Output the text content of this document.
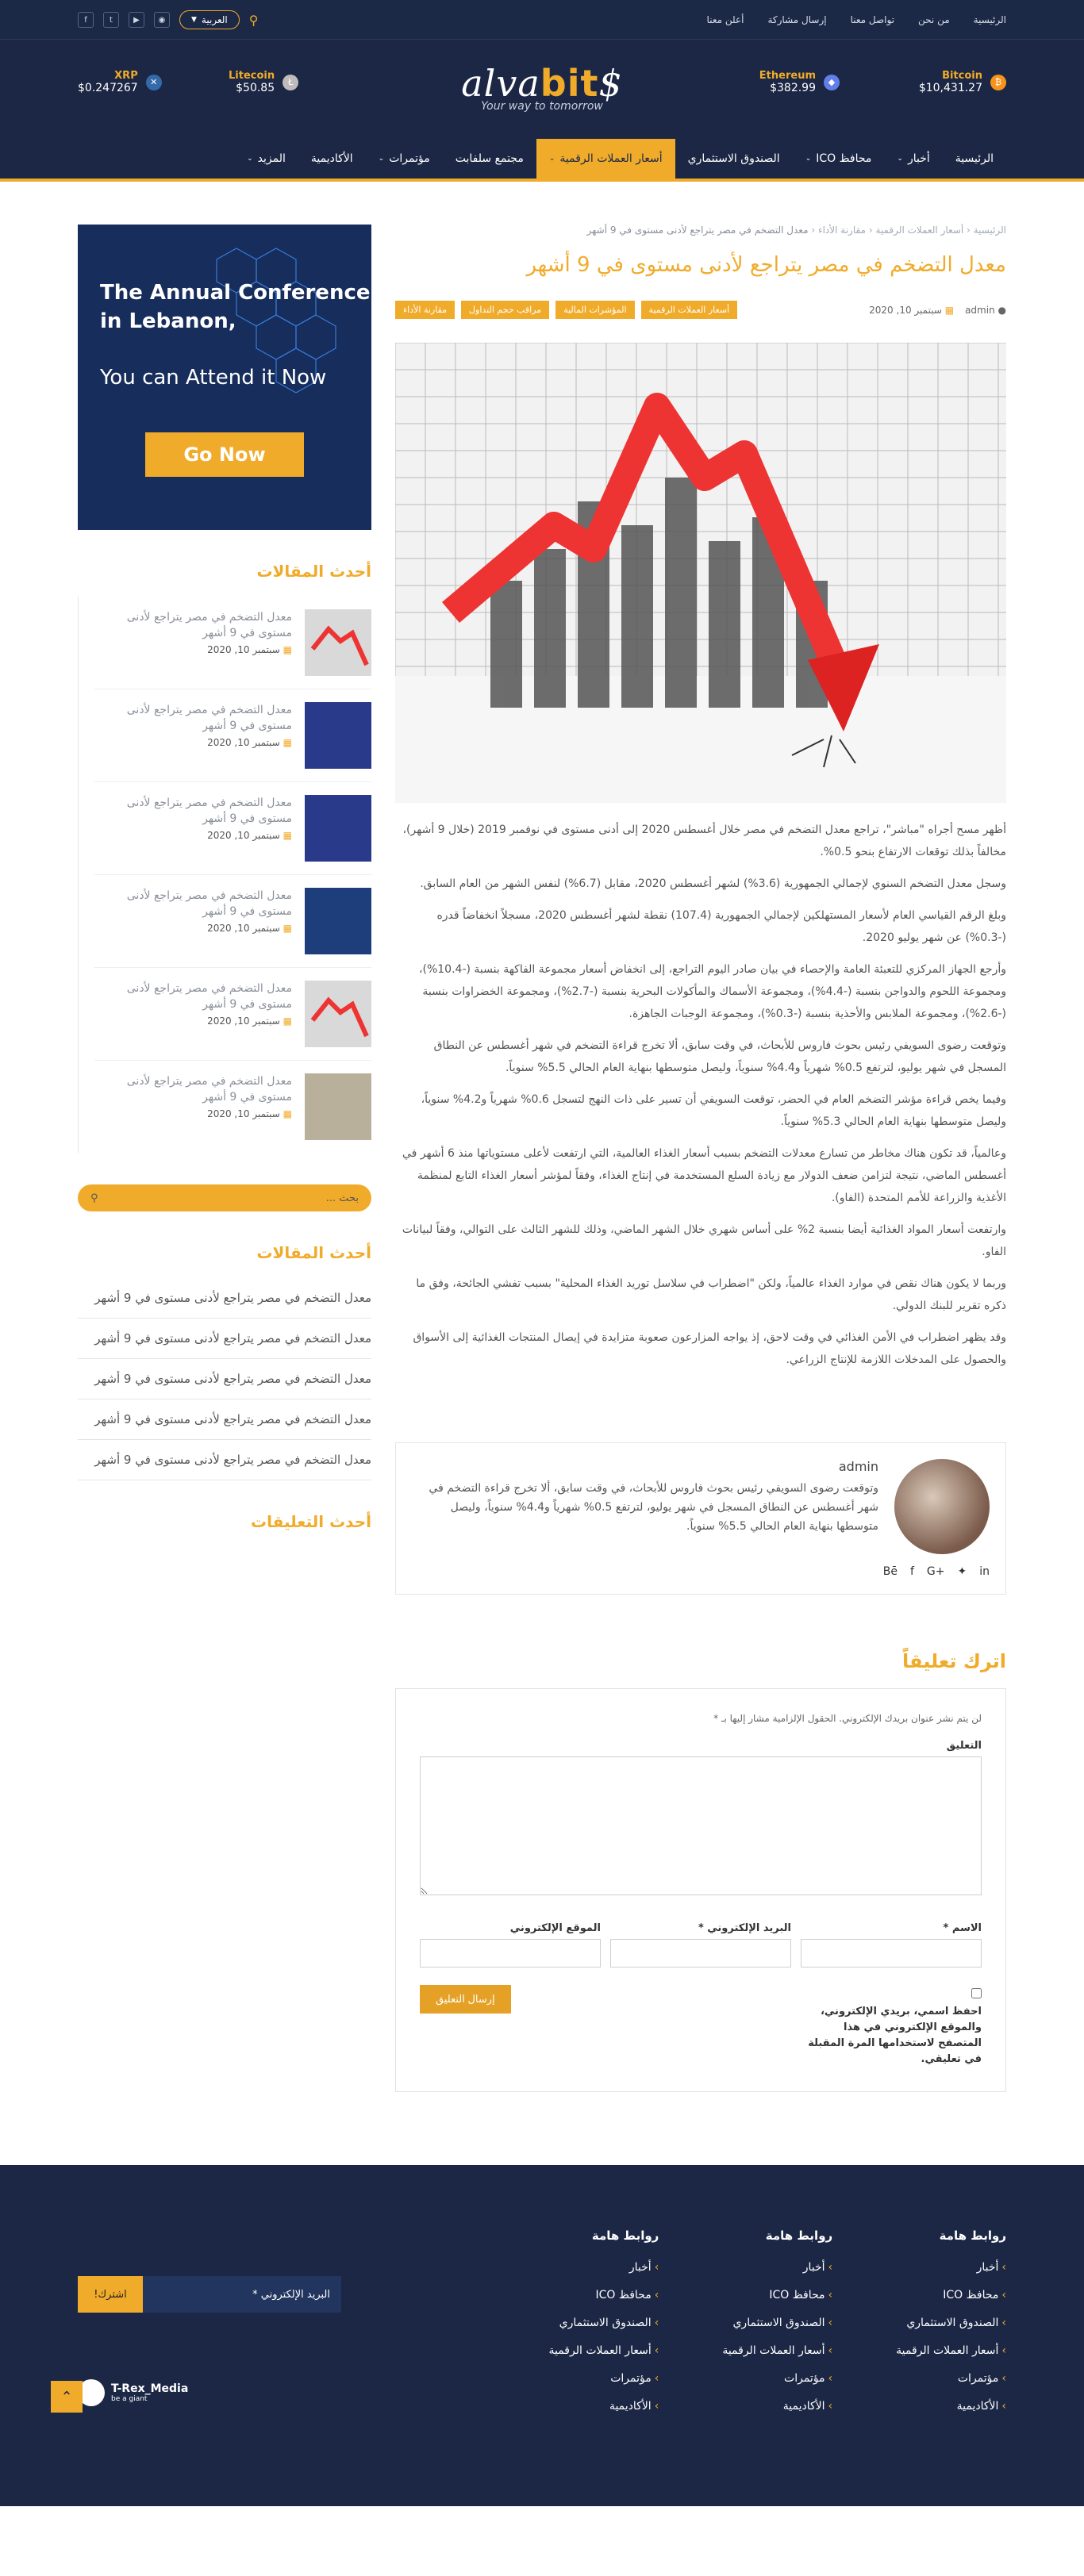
الرئيسية
من نحن
تواصل معنا
إرسال مشاركة
أعلن معنا
⚲
العربية
▼
◉
▶
t
f
₿
Bitcoin
$10,431.27
◆
Ethereum
$382.99
$alvabit
Your way to tomorrow
Ł
Litecoin
$50.85
✕
XRP
$0.247267
الرئيسية
أخبار
⌄
محافظ ICO
⌄
الصندوق الاستثماري
أسعار العملات الرقمية
⌄
مجتمع سلفابت
مؤتمرات
⌄
الأكاديمية
المزيد
⌄
الرئيسية ‹ أسعار العملات الرقمية ‹ مقارنة الأداء ‹ معدل التضخم في مصر يتراجع لأدنى مستوى في 9 أشهر
معدل التضخم في مصر يتراجع لأدنى مستوى في 9 أشهر
● admin
▦ سبتمبر 10, 2020
مقارنة الأداء	مراقب حجم التداول	المؤشرات المالية	أسعار العملات الرقمية

أظهر مسح أجراه "مباشر"، تراجع معدل التضخم في مصر خلال أغسطس 2020 إلى أدنى مستوى في نوفمبر 2019 (خلال 9 أشهر)، مخالفاً بذلك توقعات الارتفاع بنحو 0.5%.

وسجل معدل التضخم السنوي لإجمالي الجمهورية (3.6%) لشهر أغسطس 2020، مقابل (6.7%) لنفس الشهر من العام السابق.

وبلغ الرقم القياسي العام لأسعار المستهلكين لإجمالي الجمهورية (107.4) نقطة لشهر أغسطس 2020، مسجلاً انخفاضاً قدره (-0.3%) عن شهر يوليو 2020.

وأرجع الجهاز المركزي للتعبئة العامة والإحصاء في بيان صادر اليوم التراجع، إلى انخفاض أسعار مجموعة الفاكهة بنسبة (-10.4%)، ومجموعة اللحوم والدواجن بنسبة (-4.4%)، ومجموعة الأسماك والمأكولات البحرية بنسبة (-2.7%)، ومجموعة الخضراوات بنسبة (-2.6%)، ومجموعة الملابس والأحذية بنسبة (-0.3%)، ومجموعة الوجبات الجاهزة.

وتوقعت رضوى السويفي رئيس بحوث فاروس للأبحاث، في وقت سابق، ألا تخرج قراءة التضخم في شهر أغسطس عن النطاق المسجل في شهر يوليو، لترتفع 0.5% شهرياً و4.4% سنوياً، وليصل متوسطها بنهاية العام الحالي 5.5% سنوياً.

وفيما يخص قراءة مؤشر التضخم العام في الحضر، توقعت السويفي أن تسير على ذات النهج لتسجل 0.6% شهرياً و4.2% سنوياً، وليصل متوسطها بنهاية العام الحالي 5.3% سنوياً.

وعالمياً، قد تكون هناك مخاطر من تسارع معدلات التضخم بسبب أسعار الغذاء العالمية، التي ارتفعت لأعلى مستوياتها منذ 6 أشهر في أغسطس الماضي، نتيجة لتزامن ضعف الدولار مع زيادة السلع المستخدمة في إنتاج الغذاء، وفقاً لمؤشر أسعار الغذاء التابع لمنظمة الأغذية والزراعة للأمم المتحدة (الفاو).

وارتفعت أسعار المواد الغذائية أيضا بنسبة 2% على أساس شهري خلال الشهر الماضي، وذلك للشهر الثالث على التوالي، وفقاً لبيانات الفاو.

وربما لا يكون هناك نقص في موارد الغذاء عالمياً، ولكن "اضطراب في سلاسل توريد الغذاء المحلية" بسبب تفشي الجائحة، وفق ما ذكره تقرير للبنك الدولي.

وقد يظهر اضطراب في الأمن الغذائي في وقت لاحق، إذ يواجه المزارعون صعوبة متزايدة في إيصال المنتجات الغذائية إلى الأسواق والحصول على المدخلات اللازمة للإنتاج الزراعي.

admin
وتوقعت رضوى السويفي رئيس بحوث فاروس للأبحاث، في وقت سابق، ألا تخرج قراءة التضخم في شهر أغسطس عن النطاق المسجل في شهر يوليو، لترتفع 0.5% شهرياً و4.4% سنوياً، وليصل متوسطها بنهاية العام الحالي 5.5% سنوياً.
Bē f G+ ✦ in
اترك تعليقاً
لن يتم نشر عنوان بريدك الإلكتروني. الحقول الإلزامية مشار إليها بـ *
التعليق
الاسم *
البريد الإلكتروني *
الموقع الإلكتروني

احفظ اسمي، بريدي الإلكتروني، والموقع الإلكتروني في هذا المتصفح لاستخدامها المرة المقبلة في تعليقي.
إرسال التعليق
The Annual Conference
in Lebanon,
You can Attend it Now
Go Now
أحدث المقالات
معدل التضخم في مصر يتراجع لأدنى مستوى في 9 أشهر
▦ سبتمبر 10, 2020
معدل التضخم في مصر يتراجع لأدنى مستوى في 9 أشهر
▦ سبتمبر 10, 2020
معدل التضخم في مصر يتراجع لأدنى مستوى في 9 أشهر
▦ سبتمبر 10, 2020
معدل التضخم في مصر يتراجع لأدنى مستوى في 9 أشهر
▦ سبتمبر 10, 2020
معدل التضخم في مصر يتراجع لأدنى مستوى في 9 أشهر
▦ سبتمبر 10, 2020
معدل التضخم في مصر يتراجع لأدنى مستوى في 9 أشهر
▦ سبتمبر 10, 2020
بحث ...
⚲
أحدث المقالات
معدل التضخم في مصر يتراجع لأدنى مستوى في 9 أشهر
معدل التضخم في مصر يتراجع لأدنى مستوى في 9 أشهر
معدل التضخم في مصر يتراجع لأدنى مستوى في 9 أشهر
معدل التضخم في مصر يتراجع لأدنى مستوى في 9 أشهر
معدل التضخم في مصر يتراجع لأدنى مستوى في 9 أشهر
أحدث التعليقات
روابط هامة
›أخبار
›محافظ ICO
›الصندوق الاستثماري
›أسعار العملات الرقمية
›مؤتمرات
›الأكاديمية
روابط هامة
›أخبار
›محافظ ICO
›الصندوق الاستثماري
›أسعار العملات الرقمية
›مؤتمرات
›الأكاديمية
روابط هامة
›أخبار
›محافظ ICO
›الصندوق الاستثماري
›أسعار العملات الرقمية
›مؤتمرات
›الأكاديمية
البريد الإلكتروني *
اشترك!
T-Rex_Media
be a giant
⌃
